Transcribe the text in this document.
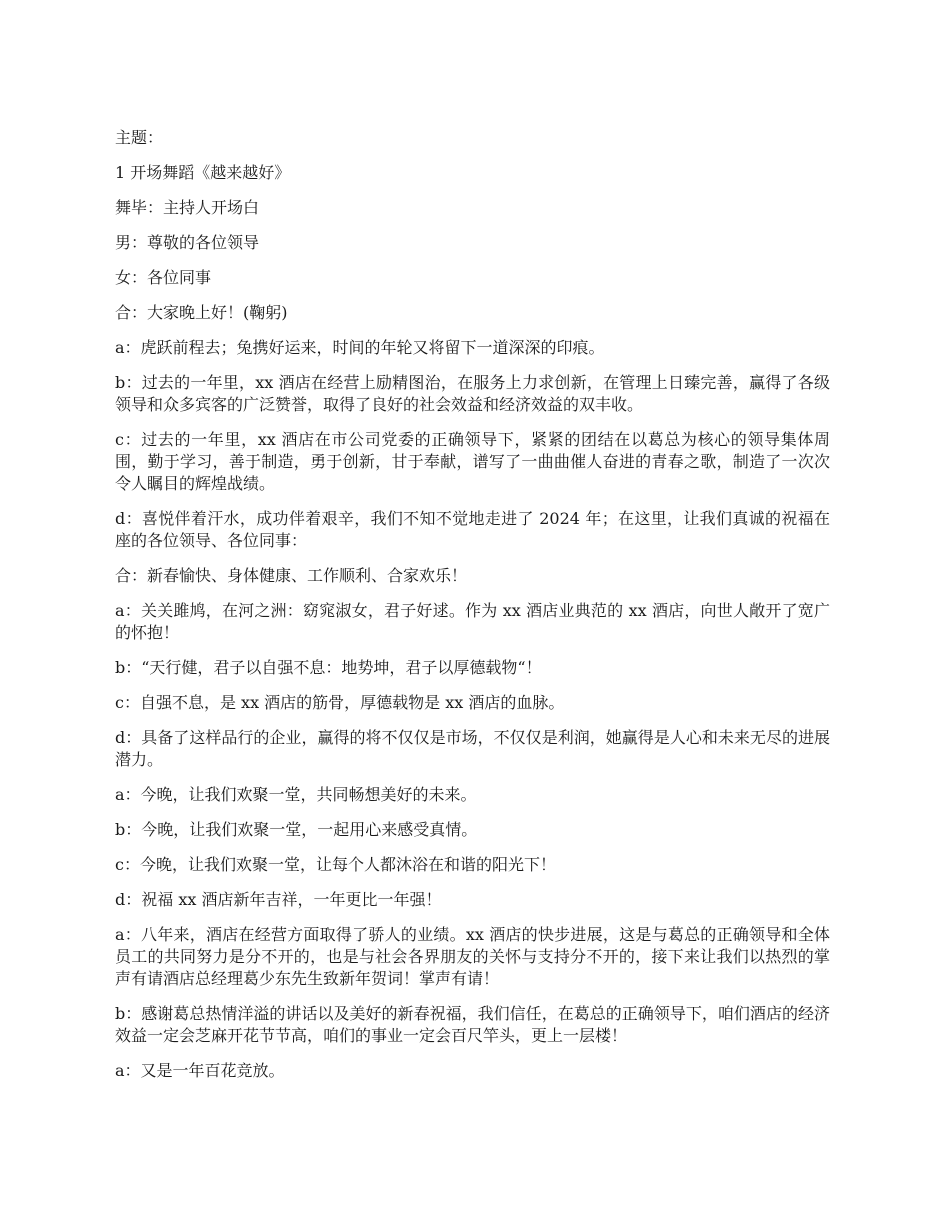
主题：

1 开场舞蹈《越来越好》

舞毕：主持人开场白

男：尊敬的各位领导

女：各位同事

合：大家晚上好！(鞠躬)

a：虎跃前程去；兔携好运来，时间的年轮又将留下一道深深的印痕。

b：过去的一年里，xx 酒店在经营上励精图治，在服务上力求创新，在管理上日臻完善，赢得了各级领导和众多宾客的广泛赞誉，取得了良好的社会效益和经济效益的双丰收。

c：过去的一年里，xx 酒店在市公司党委的正确领导下，紧紧的团结在以葛总为核心的领导集体周围，勤于学习，善于制造，勇于创新，甘于奉献，谱写了一曲曲催人奋进的青春之歌，制造了一次次令人瞩目的辉煌战绩。

d：喜悦伴着汗水，成功伴着艰辛，我们不知不觉地走进了 2024 年；在这里，让我们真诚的祝福在座的各位领导、各位同事：

合：新春愉快、身体健康、工作顺利、合家欢乐！

a：关关雎鸠，在河之洲：窈窕淑女，君子好逑。作为 xx 酒店业典范的 xx 酒店，向世人敞开了宽广的怀抱！

b：“天行健，君子以自强不息：地势坤，君子以厚德载物“！

c：自强不息，是 xx 酒店的筋骨，厚德载物是 xx 酒店的血脉。

d：具备了这样品行的企业，赢得的将不仅仅是市场，不仅仅是利润，她赢得是人心和未来无尽的进展潜力。

a：今晚，让我们欢聚一堂，共同畅想美好的未来。

b：今晚，让我们欢聚一堂，一起用心来感受真情。

c：今晚，让我们欢聚一堂，让每个人都沐浴在和谐的阳光下！

d：祝福 xx 酒店新年吉祥，一年更比一年强！

a：八年来，酒店在经营方面取得了骄人的业绩。xx 酒店的快步进展，这是与葛总的正确领导和全体员工的共同努力是分不开的，也是与社会各界朋友的关怀与支持分不开的，接下来让我们以热烈的掌声有请酒店总经理葛少东先生致新年贺词！掌声有请！

b：感谢葛总热情洋溢的讲话以及美好的新春祝福，我们信任，在葛总的正确领导下，咱们酒店的经济效益一定会芝麻开花节节高，咱们的事业一定会百尺竿头，更上一层楼！

a：又是一年百花竞放。
